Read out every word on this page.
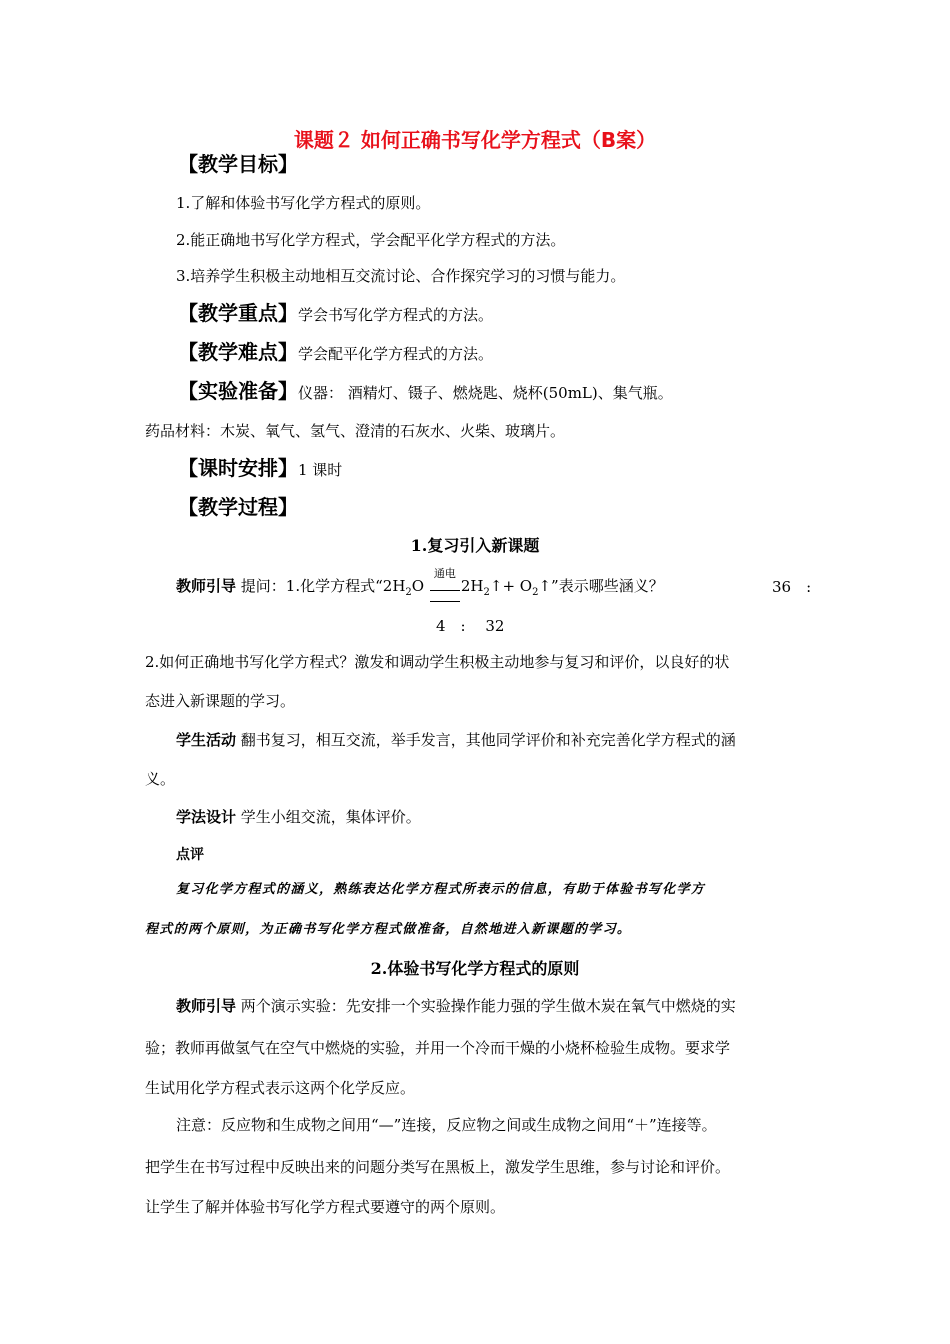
课题２ 如何正确书写化学方程式（B案）
【教学目标】
1.了解和体验书写化学方程式的原则。
2.能正确地书写化学方程式，学会配平化学方程式的方法。
3.培养学生积极主动地相互交流讨论、合作探究学习的习惯与能力。
【教学重点】学会书写化学方程式的方法。
【教学难点】学会配平化学方程式的方法。
【实验准备】仪器： 酒精灯、镊子、燃烧匙、烧杯(50mL)、集气瓶。
药品材料：木炭、氧气、氢气、澄清的石灰水、火柴、玻璃片。
【课时安排】1 课时
【教学过程】
1.复习引入新课题
教师引导 提问：1.化学方程式“$2H_2O$
通电
$2H_2↑+$ $O_2↑$”表示哪些涵义？	36　:
4　:　 32
2.如何正确地书写化学方程式？激发和调动学生积极主动地参与复习和评价，以良好的状
态进入新课题的学习。
学生活动 翻书复习，相互交流，举手发言，其他同学评价和补充完善化学方程式的涵
义。
学法设计 学生小组交流，集体评价。
点评
复习化学方程式的涵义，熟练表达化学方程式所表示的信息，有助于体验书写化学方
程式的两个原则，为正确书写化学方程式做准备，自然地进入新课题的学习。
2.体验书写化学方程式的原则
教师引导 两个演示实验：先安排一个实验操作能力强的学生做木炭在氧气中燃烧的实
验；教师再做氢气在空气中燃烧的实验，并用一个冷而干燥的小烧杯检验生成物。要求学
生试用化学方程式表示这两个化学反应。
注意：反应物和生成物之间用“—”连接，反应物之间或生成物之间用“＋”连接等。
把学生在书写过程中反映出来的问题分类写在黑板上，激发学生思维，参与讨论和评价。
让学生了解并体验书写化学方程式要遵守的两个原则。
